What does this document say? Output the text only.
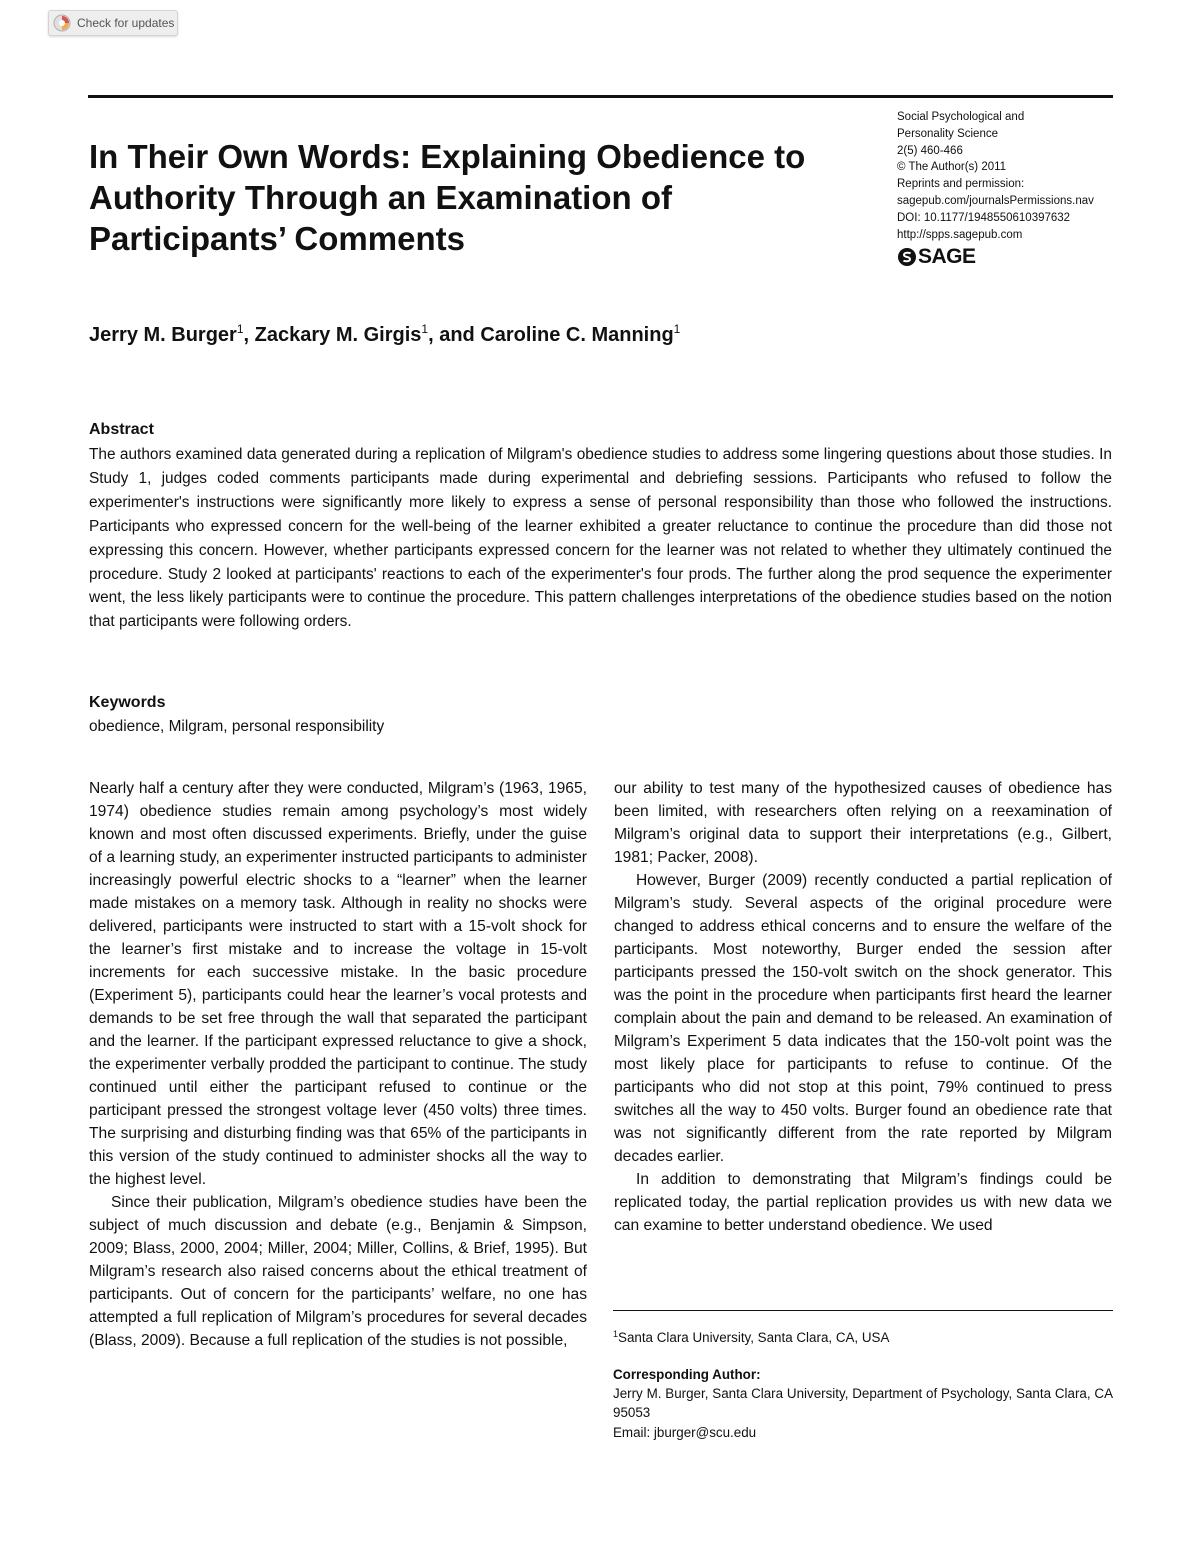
Check for updates
In Their Own Words: Explaining Obedience to Authority Through an Examination of Participants’ Comments
Social Psychological and
Personality Science
2(5) 460-466
© The Author(s) 2011
Reprints and permission:
sagepub.com/journalsPermissions.nav
DOI: 10.1177/1948550610397632
http://spps.sagepub.com
SAGE
Jerry M. Burger$^1$, Zackary M. Girgis$^1$, and Caroline C. Manning$^1$
Abstract

The authors examined data generated during a replication of Milgram's obedience studies to address some lingering questions about those studies. In Study 1, judges coded comments participants made during experimental and debriefing sessions. Participants who refused to follow the experimenter's instructions were significantly more likely to express a sense of personal responsibility than those who followed the instructions. Participants who expressed concern for the well-being of the learner exhibited a greater reluctance to continue the procedure than did those not expressing this concern. However, whether participants expressed concern for the learner was not related to whether they ultimately continued the procedure. Study 2 looked at participants' reactions to each of the experimenter's four prods. The further along the prod sequence the experimenter went, the less likely participants were to continue the procedure. This pattern challenges interpretations of the obedience studies based on the notion that participants were following orders.

Keywords

obedience, Milgram, personal responsibility

Nearly half a century after they were conducted, Milgram’s (1963, 1965, 1974) obedience studies remain among psychology’s most widely known and most often discussed experiments. Briefly, under the guise of a learning study, an experimenter instructed participants to administer increasingly powerful electric shocks to a “learner” when the learner made mistakes on a memory task. Although in reality no shocks were delivered, participants were instructed to start with a 15-volt shock for the learner’s first mistake and to increase the voltage in 15-volt increments for each successive mistake. In the basic procedure (Experiment 5), participants could hear the learner’s vocal protests and demands to be set free through the wall that separated the participant and the learner. If the participant expressed reluctance to give a shock, the experimenter verbally prodded the participant to continue. The study continued until either the participant refused to continue or the participant pressed the strongest voltage lever (450 volts) three times. The surprising and disturbing finding was that 65% of the participants in this version of the study continued to administer shocks all the way to the highest level.

Since their publication, Milgram’s obedience studies have been the subject of much discussion and debate (e.g., Benjamin & Simpson, 2009; Blass, 2000, 2004; Miller, 2004; Miller, Collins, & Brief, 1995). But Milgram’s research also raised concerns about the ethical treatment of participants. Out of concern for the participants’ welfare, no one has attempted a full replication of Milgram’s procedures for several decades (Blass, 2009). Because a full replication of the studies is not possible,

our ability to test many of the hypothesized causes of obedience has been limited, with researchers often relying on a reexamination of Milgram’s original data to support their interpretations (e.g., Gilbert, 1981; Packer, 2008).

However, Burger (2009) recently conducted a partial replication of Milgram’s study. Several aspects of the original procedure were changed to address ethical concerns and to ensure the welfare of the participants. Most noteworthy, Burger ended the session after participants pressed the 150-volt switch on the shock generator. This was the point in the procedure when participants first heard the learner complain about the pain and demand to be released. An examination of Milgram’s Experiment 5 data indicates that the 150-volt point was the most likely place for participants to refuse to continue. Of the participants who did not stop at this point, 79% continued to press switches all the way to 450 volts. Burger found an obedience rate that was not significantly different from the rate reported by Milgram decades earlier.

In addition to demonstrating that Milgram’s findings could be replicated today, the partial replication provides us with new data we can examine to better understand obedience. We used

$^1$Santa Clara University, Santa Clara, CA, USA

Corresponding Author:

Jerry M. Burger, Santa Clara University, Department of Psychology, Santa Clara, CA 95053

Email: jburger@scu.edu
